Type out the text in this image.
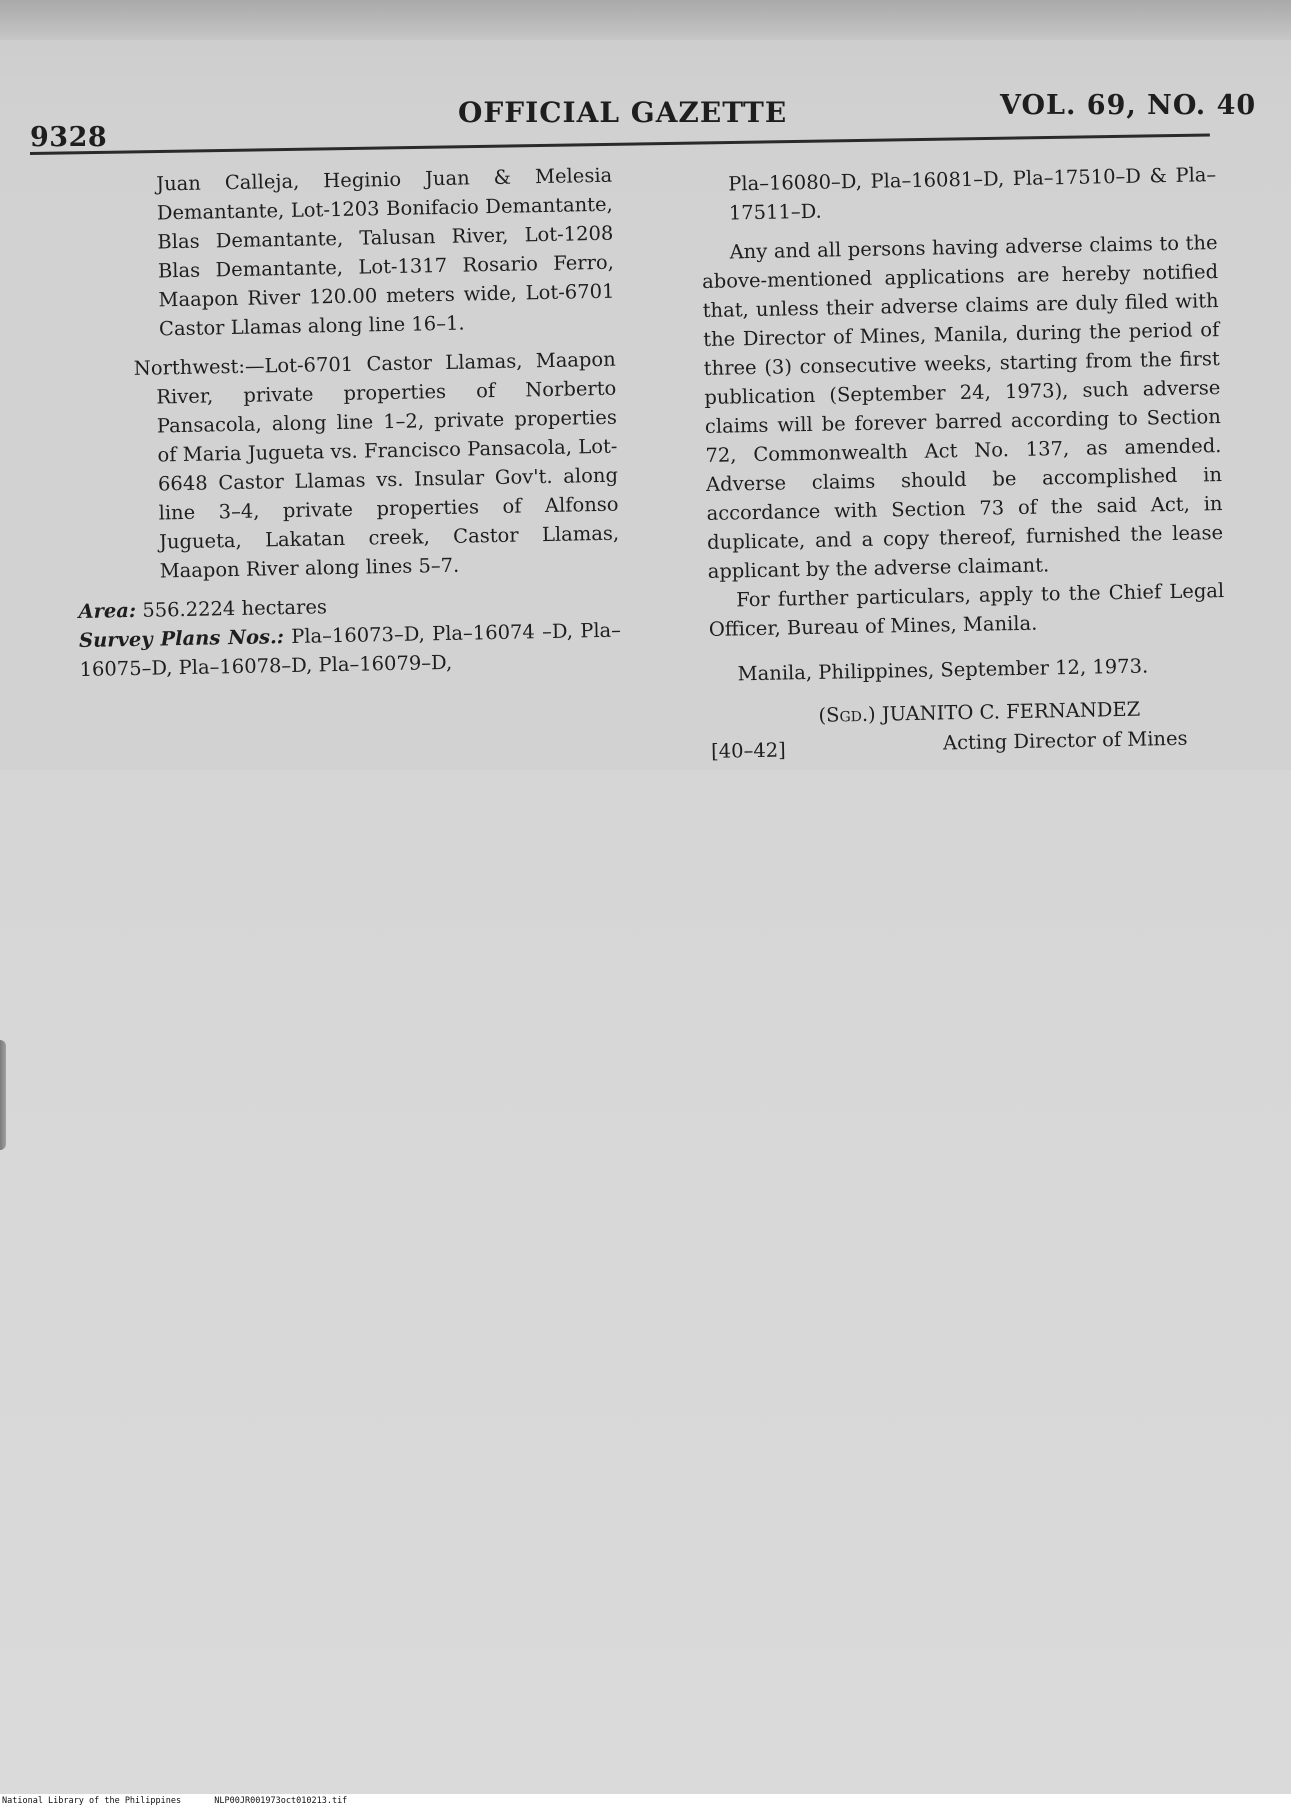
9328
OFFICIAL GAZETTE	VOL. 69, NO. 40

Juan Calleja, Heginio Juan & Melesia Demantante, Lot-1203 Bonifacio Demantante, Blas Demantante, Talusan River, Lot-1208 Blas Demantante, Lot-1317 Rosario Ferro, Maapon River 120.00 meters wide, Lot-6701 Castor Llamas along line 16–1.

Northwest:—Lot-6701 Castor Llamas, Maapon River, private properties of Norberto Pansacola, along line 1–2, private properties of Maria Jugueta vs. Francisco Pansacola, Lot-6648 Castor Llamas vs. Insular Gov't. along line 3–4, private properties of Alfonso Jugueta, Lakatan creek, Castor Llamas, Maapon River along lines 5–7.

Area: 556.2224 hectares

Survey Plans Nos.: Pla–16073–D, Pla–16074 –D, Pla–16075–D, Pla–16078–D, Pla–16079–D,

Pla–16080–D, Pla–16081–D, Pla–17510–D & Pla–17511–D.

Any and all persons having adverse claims to the above-mentioned applications are hereby notified that, unless their adverse claims are duly filed with the Director of Mines, Manila, during the period of three (3) consecutive weeks, starting from the first publication (September 24, 1973), such adverse claims will be forever barred according to Section 72, Commonwealth Act No. 137, as amended. Adverse claims should be accomplished in accordance with Section 73 of the said Act, in duplicate, and a copy thereof, furnished the lease applicant by the adverse claimant.

For further particulars, apply to the Chief Legal Officer, Bureau of Mines, Manila.

Manila, Philippines, September 12, 1973.

(Sgd.) JUANITO C. FERNANDEZ
[40–42]	Acting Director of Mines
National Library of the Philippines	NLP00JR001973oct010213.tif
